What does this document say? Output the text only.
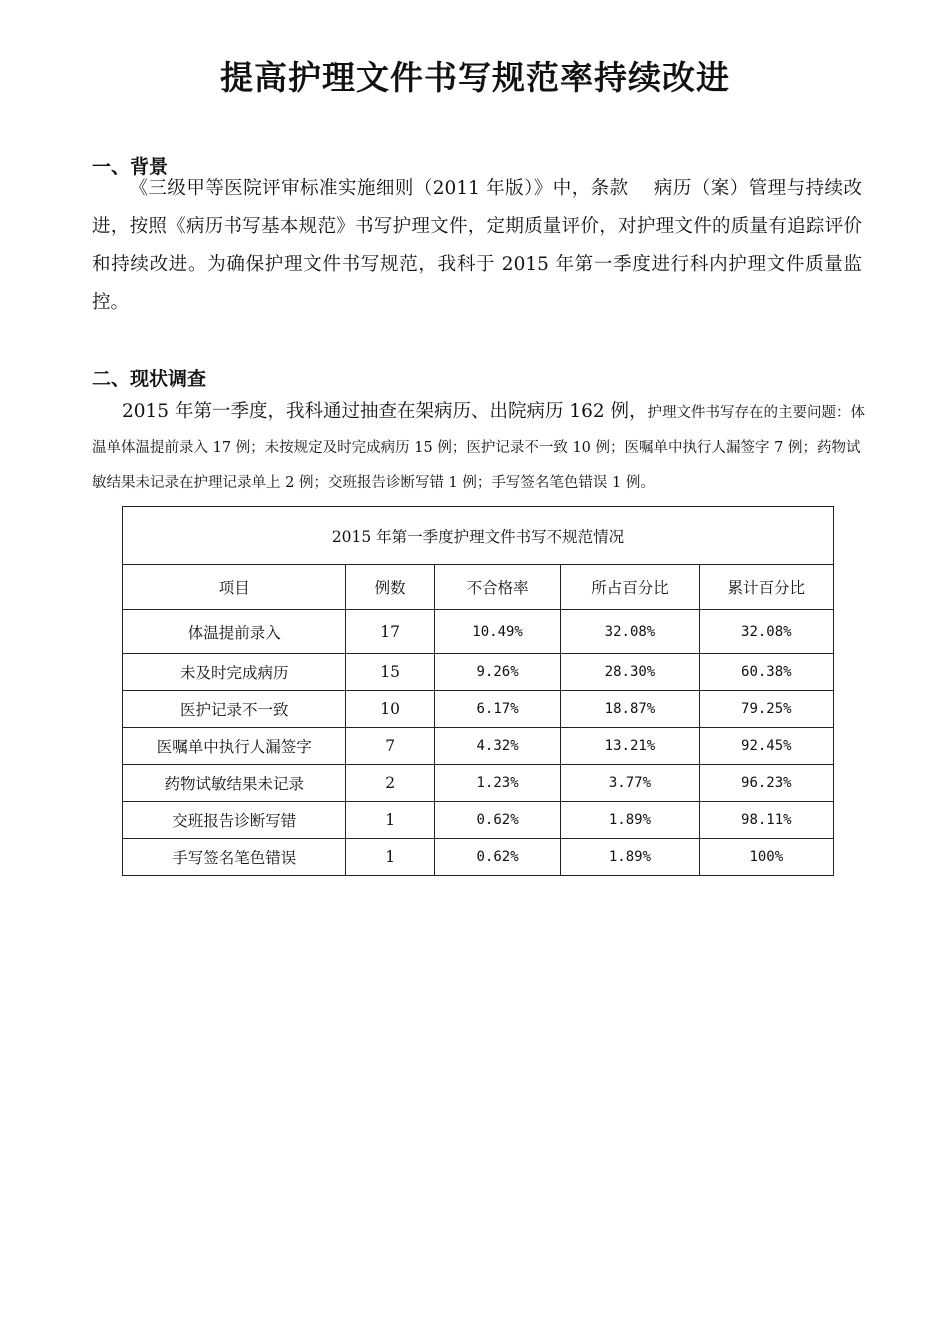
提高护理文件书写规范率持续改进
一、背景
《三级甲等医院评审标准实施细则（2011 年版）》中，条款 　病历（案）管理与持续改进，按照《病历书写基本规范》书写护理文件，定期质量评价，对护理文件的质量有追踪评价和持续改进。为确保护理文件书写规范，我科于 2015 年第一季度进行科内护理文件质量监控。
二、现状调查
2015 年第一季度，我科通过抽查在架病历、出院病历 162 例，护理文件书写存在的主要问题：体温单体温提前录入 17 例；未按规定及时完成病历 15 例；医护记录不一致 10 例；医嘱单中执行人漏签字 7 例；药物试敏结果未记录在护理记录单上 2 例；交班报告诊断写错 1 例；手写签名笔色错误 1 例。
2015 年第一季度护理文件书写不规范情况				
项目	例数	不合格率	所占百分比	累计百分比
体温提前录入	17	10.49%	32.08%	32.08%
未及时完成病历	15	9.26%	28.30%	60.38%
医护记录不一致	10	6.17%	18.87%	79.25%
医嘱单中执行人漏签字	7	4.32%	13.21%	92.45%
药物试敏结果未记录	2	1.23%	3.77%	96.23%
交班报告诊断写错	1	0.62%	1.89%	98.11%
手写签名笔色错误	1	0.62%	1.89%	100%
